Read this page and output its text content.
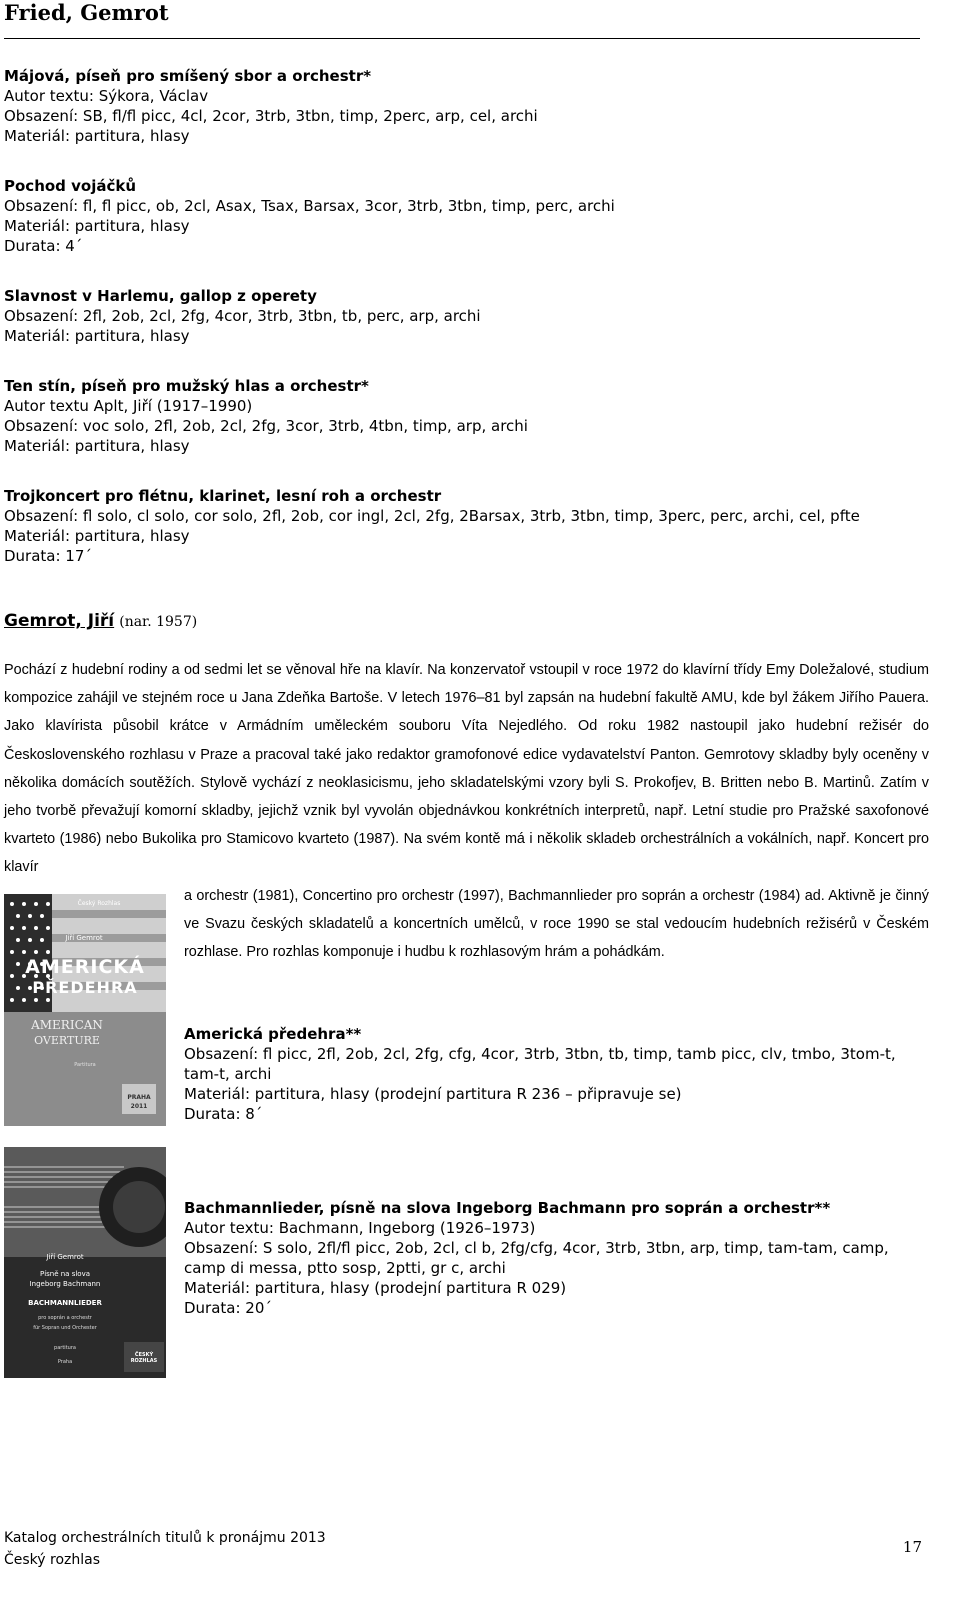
Fried, Gemrot
Májová, píseň pro smíšený sbor a orchestr*
Autor textu: Sýkora, Václav
Obsazení: SB, fl/fl picc, 4cl, 2cor, 3trb, 3tbn, timp, 2perc, arp, cel, archi
Materiál: partitura, hlasy
Pochod vojáčků
Obsazení: fl, fl picc, ob, 2cl, Asax, Tsax, Barsax, 3cor, 3trb, 3tbn, timp, perc, archi
Materiál: partitura, hlasy
Durata: 4´
Slavnost v Harlemu, gallop z operety
Obsazení: 2fl, 2ob, 2cl, 2fg, 4cor, 3trb, 3tbn, tb, perc, arp, archi
Materiál: partitura, hlasy
Ten stín, píseň pro mužský hlas a orchestr*
Autor textu Aplt, Jiří (1917–1990)
Obsazení: voc solo, 2fl, 2ob, 2cl, 2fg, 3cor, 3trb, 4tbn, timp, arp, archi
Materiál: partitura, hlasy
Trojkoncert pro flétnu, klarinet, lesní roh a orchestr
Obsazení: fl solo, cl solo, cor solo, 2fl, 2ob, cor ingl, 2cl, 2fg, 2Barsax, 3trb, 3tbn, timp, 3perc, perc, archi, cel, pfte
Materiál: partitura, hlasy
Durata: 17´
Gemrot, Jiří (nar. 1957)
Pochází z hudební rodiny a od sedmi let se věnoval hře na klavír. Na konzervatoř vstoupil v roce 1972 do klavírní třídy Emy Doležalové, studium kompozice zahájil ve stejném roce u Jana Zdeňka Bartoše. V letech 1976–81 byl zapsán na hudební fakultě AMU, kde byl žákem Jiřího Pauera. Jako klavírista působil krátce v Armádním uměleckém souboru Víta Nejedlého. Od roku 1982 nastoupil jako hudební režisér do Československého rozhlasu v Praze a pracoval také jako redaktor gramofonové edice vydavatelství Panton. Gemrotovy skladby byly oceněny v několika domácích soutěžích. Stylově vychází z neoklasicismu, jeho skladatelskými vzory byli S. Prokofjev, B. Britten nebo B. Martinů. Zatím v jeho tvorbě převažují komorní skladby, jejichž vznik byl vyvolán objednávkou konkrétních interpretů, např. Letní studie pro Pražské saxofonové kvarteto (1986) nebo Bukolika pro Stamicovo kvarteto (1987). Na svém kontě má i několik skladeb orchestrálních a vokálních, např. Koncert pro klavír
a orchestr (1981), Concertino pro orchestr (1997), Bachmannlieder pro soprán a orchestr (1984) ad. Aktivně je činný ve Svazu českých skladatelů a koncertních umělců, v roce 1990 se stal vedoucím hudebních režisérů v Českém rozhlase. Pro rozhlas komponuje i hudbu k rozhlasovým hrám a pohádkám.
Český Rozhlas
Jiří Gemrot
AMERICKÁ
PŘEDEHRA
AMERICAN
OVERTURE
Partitura
PRAHA
2011
Americká předehra**
Obsazení: fl picc, 2fl, 2ob, 2cl, 2fg, cfg, 4cor, 3trb, 3tbn, tb, timp, tamb picc, clv, tmbo, 3tom-t, tam-t, archi
Materiál: partitura, hlasy (prodejní partitura R 236 – připravuje se)
Durata: 8´
Jiří Gemrot
Písně na slova
Ingeborg Bachmann
BACHMANNLIEDER
pro soprán a orchestr
für Sopran und Orchester
partitura
Praha
ČESKÝ ROZHLAS
Bachmannlieder, písně na slova Ingeborg Bachmann pro soprán a orchestr**
Autor textu: Bachmann, Ingeborg (1926–1973)
Obsazení: S solo, 2fl/fl picc, 2ob, 2cl, cl b, 2fg/cfg, 4cor, 3trb, 3tbn, arp, timp, tam-tam, camp, camp di messa, ptto sosp, 2ptti, gr c, archi
Materiál: partitura, hlasy (prodejní partitura R 029)
Durata: 20´
Katalog orchestrálních titulů k pronájmu 2013
Český rozhlas
17
